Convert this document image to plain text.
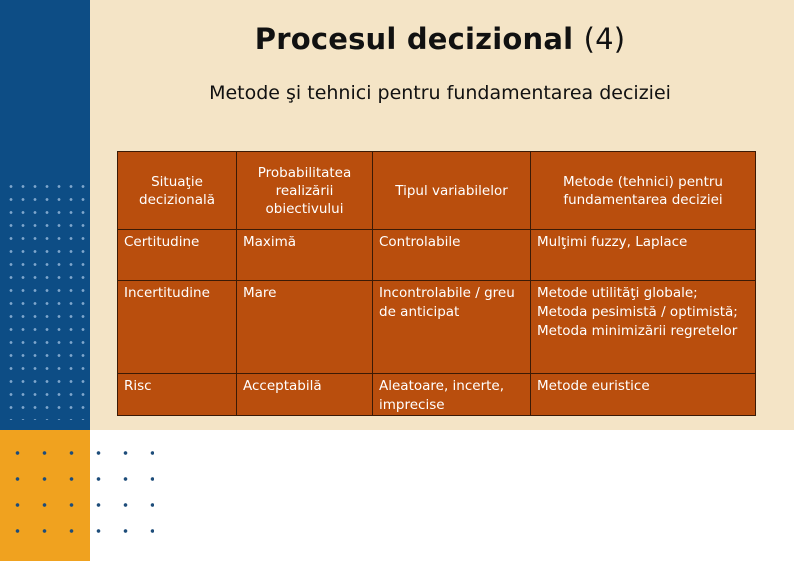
Procesul decizional (4)
Metode şi tehnici pentru fundamentarea deciziei
Situaţie decizională	Probabilitatea realizării obiectivului	Tipul variabilelor	Metode (tehnici) pentru fundamentarea deciziei
Certitudine	Maximă	Controlabile	Mulţimi fuzzy, Laplace
Incertitudine	Mare	Incontrolabile / greu de anticipat	Metode utilităţi globale; Metoda pesimistă / optimistă; Metoda minimizării regretelor
Risc	Acceptabilă	Aleatoare, incerte, imprecise	Metode euristice
